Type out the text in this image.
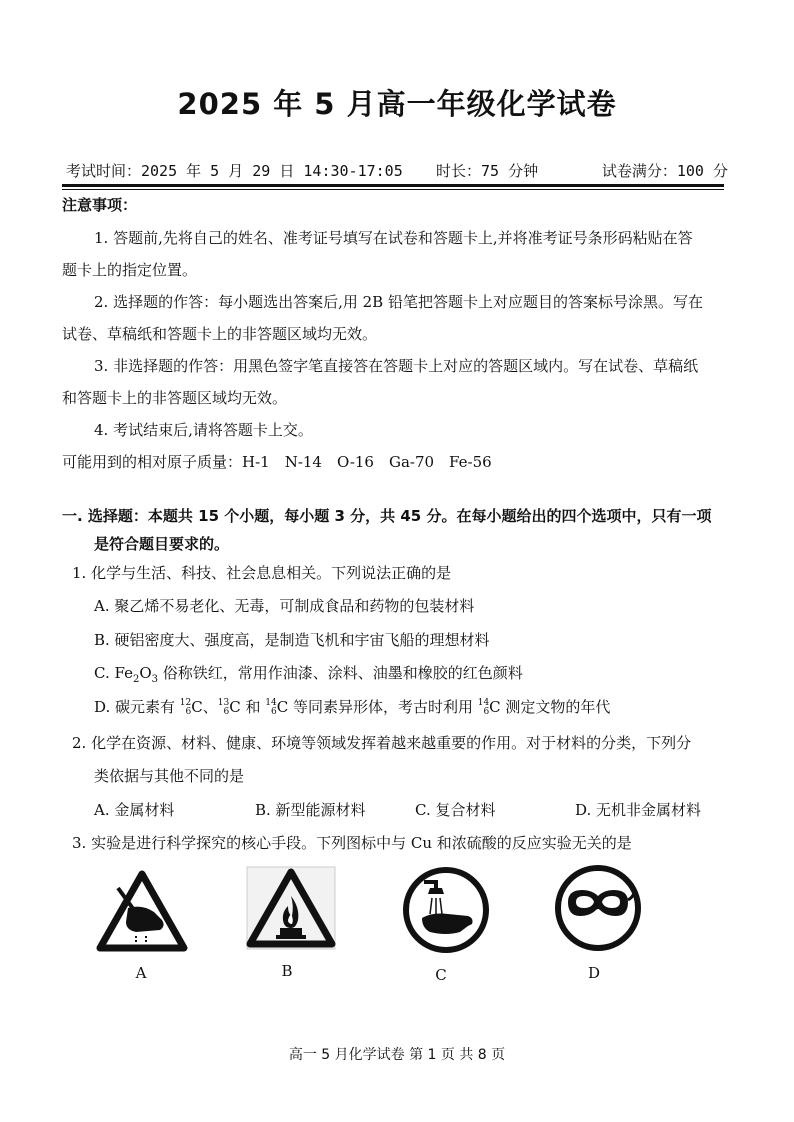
2025 年 5 月高一年级化学试卷
考试时间：2025 年 5 月 29 日 14:30-17:05 时长：75 分钟	试卷满分：100 分
注意事项：
1. 答题前,先将自己的姓名、准考证号填写在试卷和答题卡上,并将准考证号条形码粘贴在答
题卡上的指定位置。
2. 选择题的作答：每小题选出答案后,用 2B 铅笔把答题卡上对应题目的答案标号涂黑。写在
试卷、草稿纸和答题卡上的非答题区域均无效。
3. 非选择题的作答：用黑色签字笔直接答在答题卡上对应的答题区域内。写在试卷、草稿纸
和答题卡上的非答题区域均无效。
4. 考试结束后,请将答题卡上交。
可能用到的相对原子质量：H-1　N-14　O-16　Ga-70　Fe-56
一. 选择题：本题共 15 个小题，每小题 3 分，共 45 分。在每小题给出的四个选项中，只有一项
是符合题目要求的。
1. 化学与生活、科技、社会息息相关。下列说法正确的是
A. 聚乙烯不易老化、无毒，可制成食品和药物的包装材料
B. 硬铝密度大、强度高，是制造飞机和宇宙飞船的理想材料
C. $Fe_2O_3$ 俗称铁红，常用作油漆、涂料、油墨和橡胶的红色颜料
D. 碳元素有 12
6C、13
6C 和 14
6C 等同素异形体，考古时利用 14
6C 测定文物的年代
2. 化学在资源、材料、健康、环境等领域发挥着越来越重要的作用。对于材料的分类，下列分
类依据与其他不同的是
A. 金属材料	B. 新型能源材料	C. 复合材料	D. 无机非金属材料
3. 实验是进行科学探究的核心手段。下列图标中与 Cu 和浓硫酸的反应实验无关的是
A	B	C	D
高一 5 月化学试卷 第 1 页 共 8 页
